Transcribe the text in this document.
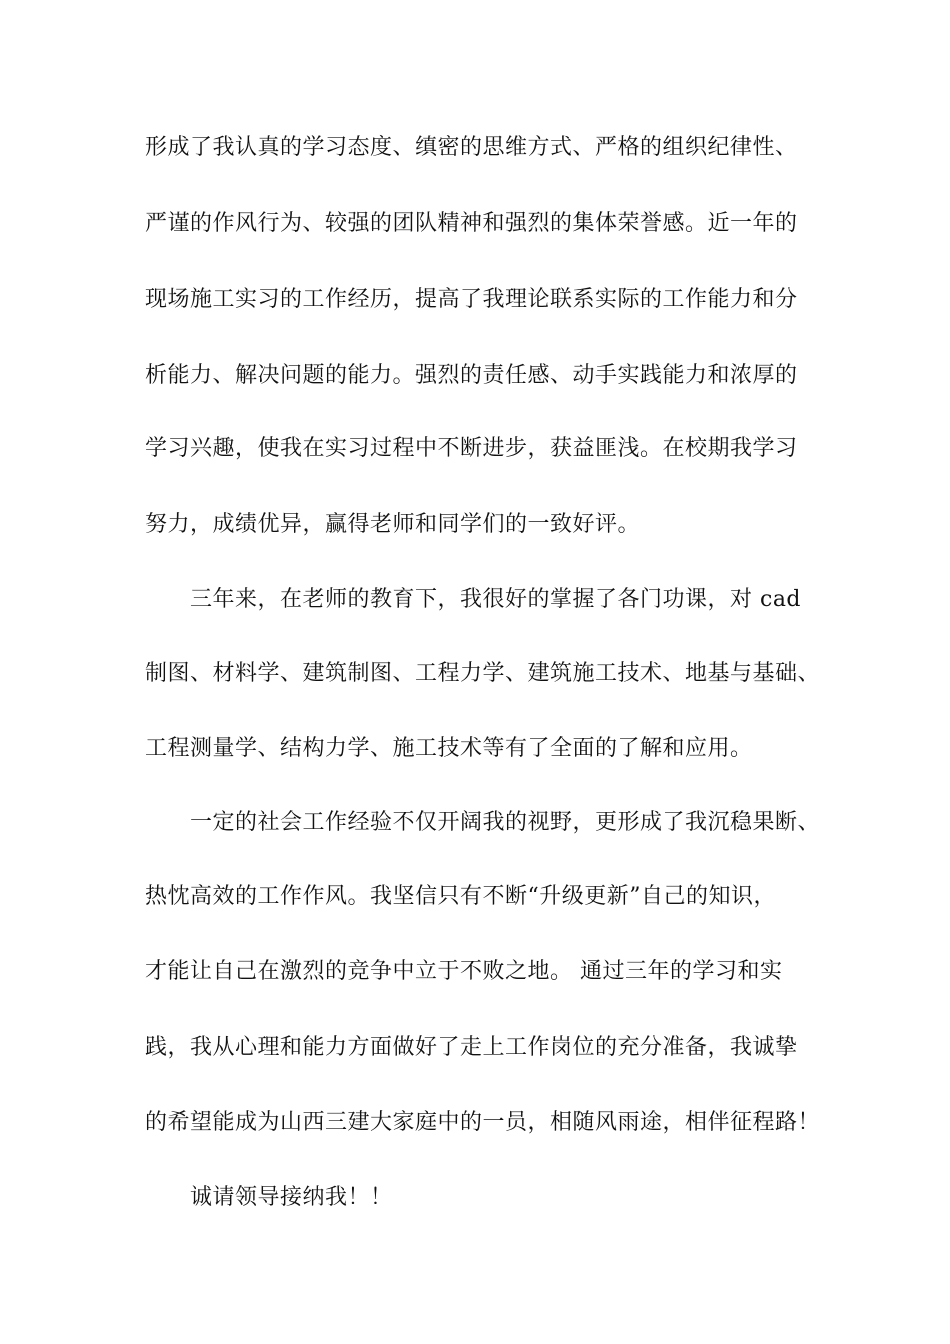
形成了我认真的学习态度、缜密的思维方式、严格的组织纪律性、
严谨的作风行为、较强的团队精神和强烈的集体荣誉感。近一年的
现场施工实习的工作经历，提高了我理论联系实际的工作能力和分
析能力、解决问题的能力。强烈的责任感、动手实践能力和浓厚的
学习兴趣，使我在实习过程中不断进步，获益匪浅。在校期我学习
努力，成绩优异，赢得老师和同学们的一致好评。
三年来，在老师的教育下，我很好的掌握了各门功课，对 cad
制图、材料学、建筑制图、工程力学、建筑施工技术、地基与基础、
工程测量学、结构力学、施工技术等有了全面的了解和应用。
一定的社会工作经验不仅开阔我的视野，更形成了我沉稳果断、
热忱高效的工作作风。我坚信只有不断“升级更新”自己的知识，
才能让自己在激烈的竞争中立于不败之地。 通过三年的学习和实
践，我从心理和能力方面做好了走上工作岗位的充分准备，我诚挚
的希望能成为山西三建大家庭中的一员，相随风雨途，相伴征程路！
诚请领导接纳我！！
